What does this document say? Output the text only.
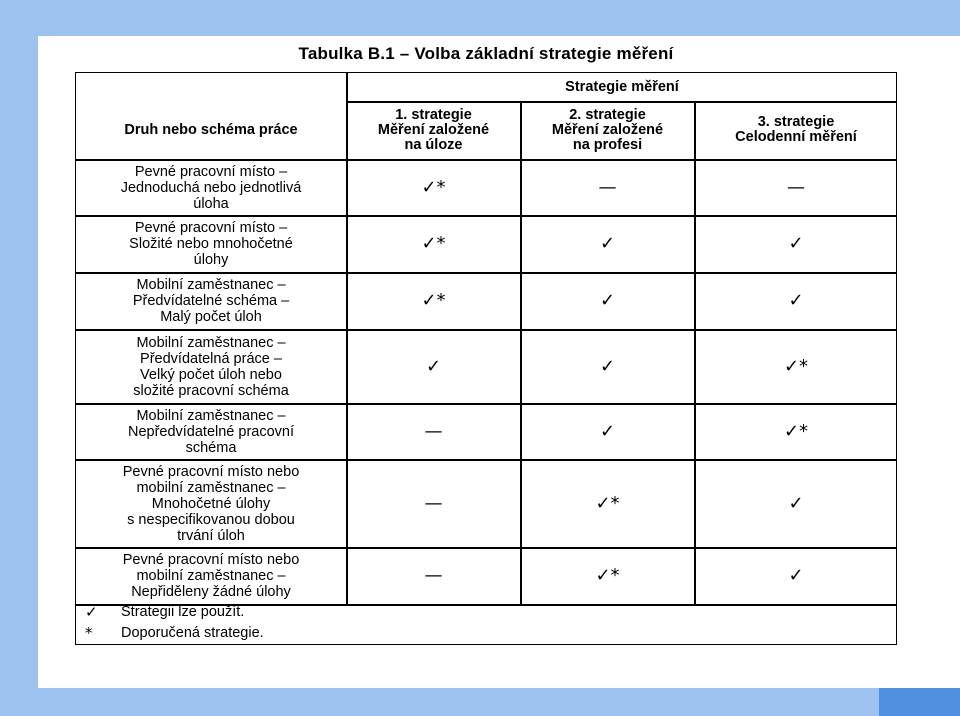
Tabulka B.1 – Volba základní strategie měření
Strategie měření
Druh nebo schéma práce
1. strategie
Měření založené
na úloze
2. strategie
Měření založené
na profesi
3. strategie
Celodenní měření
Pevné pracovní místo –
Jednoduchá nebo jednotlivá
úloha
✓*	—	—
Pevné pracovní místo –
Složité nebo mnohočetné
úlohy
✓*	✓	✓
Mobilní zaměstnanec –
Předvídatelné schéma –
Malý počet úloh
✓*	✓	✓
Mobilní zaměstnanec –
Předvídatelná práce –
Velký počet úloh nebo
složité pracovní schéma
✓	✓	✓*
Mobilní zaměstnanec –
Nepředvídatelné pracovní
schéma
—	✓	✓*
Pevné pracovní místo nebo
mobilní zaměstnanec –
Mnohočetné úlohy
s nespecifikovanou dobou
trvání úloh
—	✓*	✓
Pevné pracovní místo nebo
mobilní zaměstnanec –
Nepřiděleny žádné úlohy
—	✓*	✓
✓	Strategii lze použít.
*	Doporučená strategie.
